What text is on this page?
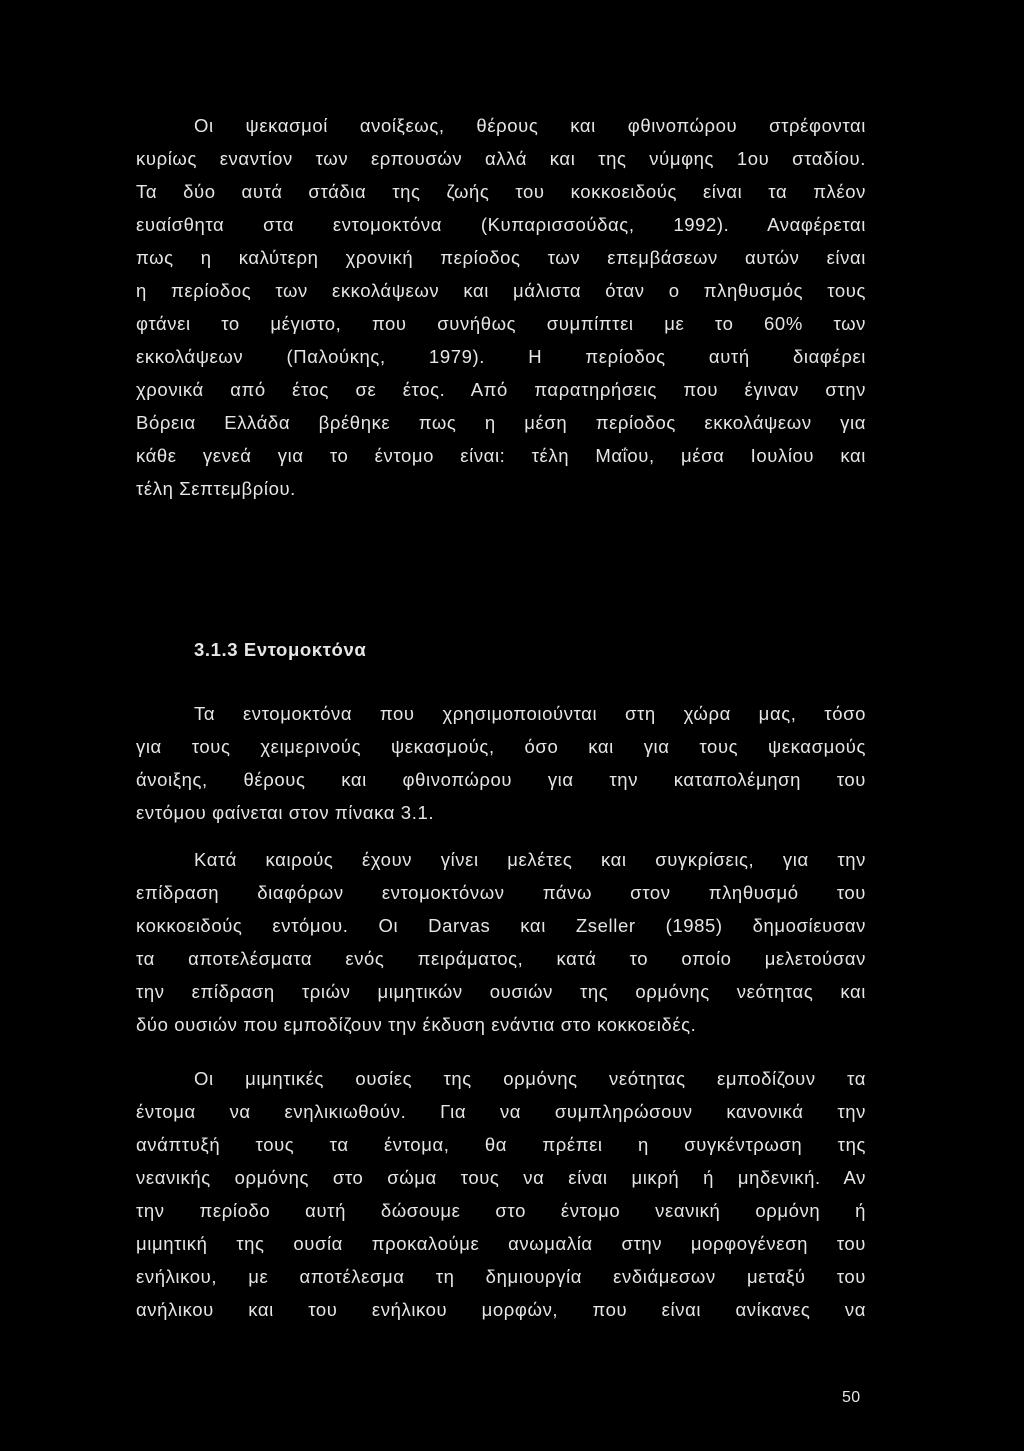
Οι ψεκασμοί ανοίξεως, θέρους και φθινοπώρου στρέφονται
κυρίως εναντίον των ερπουσών αλλά και της νύμφης 1ου σταδίου.
Τα δύο αυτά στάδια της ζωής του κοκκοειδούς είναι τα πλέον
ευαίσθητα στα εντομοκτόνα (Κυπαρισσούδας, 1992). Αναφέρεται
πως η καλύτερη χρονική περίοδος των επεμβάσεων αυτών είναι
η περίοδος των εκκολάψεων και μάλιστα όταν ο πληθυσμός τους
φτάνει το μέγιστο, που συνήθως συμπίπτει με το 60% των
εκκολάψεων (Παλούκης, 1979). Η περίοδος αυτή διαφέρει
χρονικά από έτος σε έτος. Από παρατηρήσεις που έγιναν στην
Βόρεια Ελλάδα βρέθηκε πως η μέση περίοδος εκκολάψεων για
κάθε γενεά για το έντομο είναι: τέλη Μαΐου, μέσα Ιουλίου και
τέλη Σεπτεμβρίου.
3.1.3 Εντομοκτόνα
Τα εντομοκτόνα που χρησιμοποιούνται στη χώρα μας, τόσο
για τους χειμερινούς ψεκασμούς, όσο και για τους ψεκασμούς
άνοιξης, θέρους και φθινοπώρου για την καταπολέμηση του
εντόμου φαίνεται στον πίνακα 3.1.
Κατά καιρούς έχουν γίνει μελέτες και συγκρίσεις, για την
επίδραση διαφόρων εντομοκτόνων πάνω στον πληθυσμό του
κοκκοειδούς εντόμου. Οι Darvas και Zseller (1985) δημοσίευσαν
τα αποτελέσματα ενός πειράματος, κατά το οποίο μελετούσαν
την επίδραση τριών μιμητικών ουσιών της ορμόνης νεότητας και
δύο ουσιών που εμποδίζουν την έκδυση ενάντια στο κοκκοειδές.
Οι μιμητικές ουσίες της ορμόνης νεότητας εμποδίζουν τα
έντομα να ενηλικιωθούν. Για να συμπληρώσουν κανονικά την
ανάπτυξή τους τα έντομα, θα πρέπει η συγκέντρωση της
νεανικής ορμόνης στο σώμα τους να είναι μικρή ή μηδενική. Αν
την περίοδο αυτή δώσουμε στο έντομο νεανική ορμόνη ή
μιμητική της ουσία προκαλούμε ανωμαλία στην μορφογένεση του
ενήλικου, με αποτέλεσμα τη δημιουργία ενδιάμεσων μεταξύ του
ανήλικου και του ενήλικου μορφών, που είναι ανίκανες να
50
